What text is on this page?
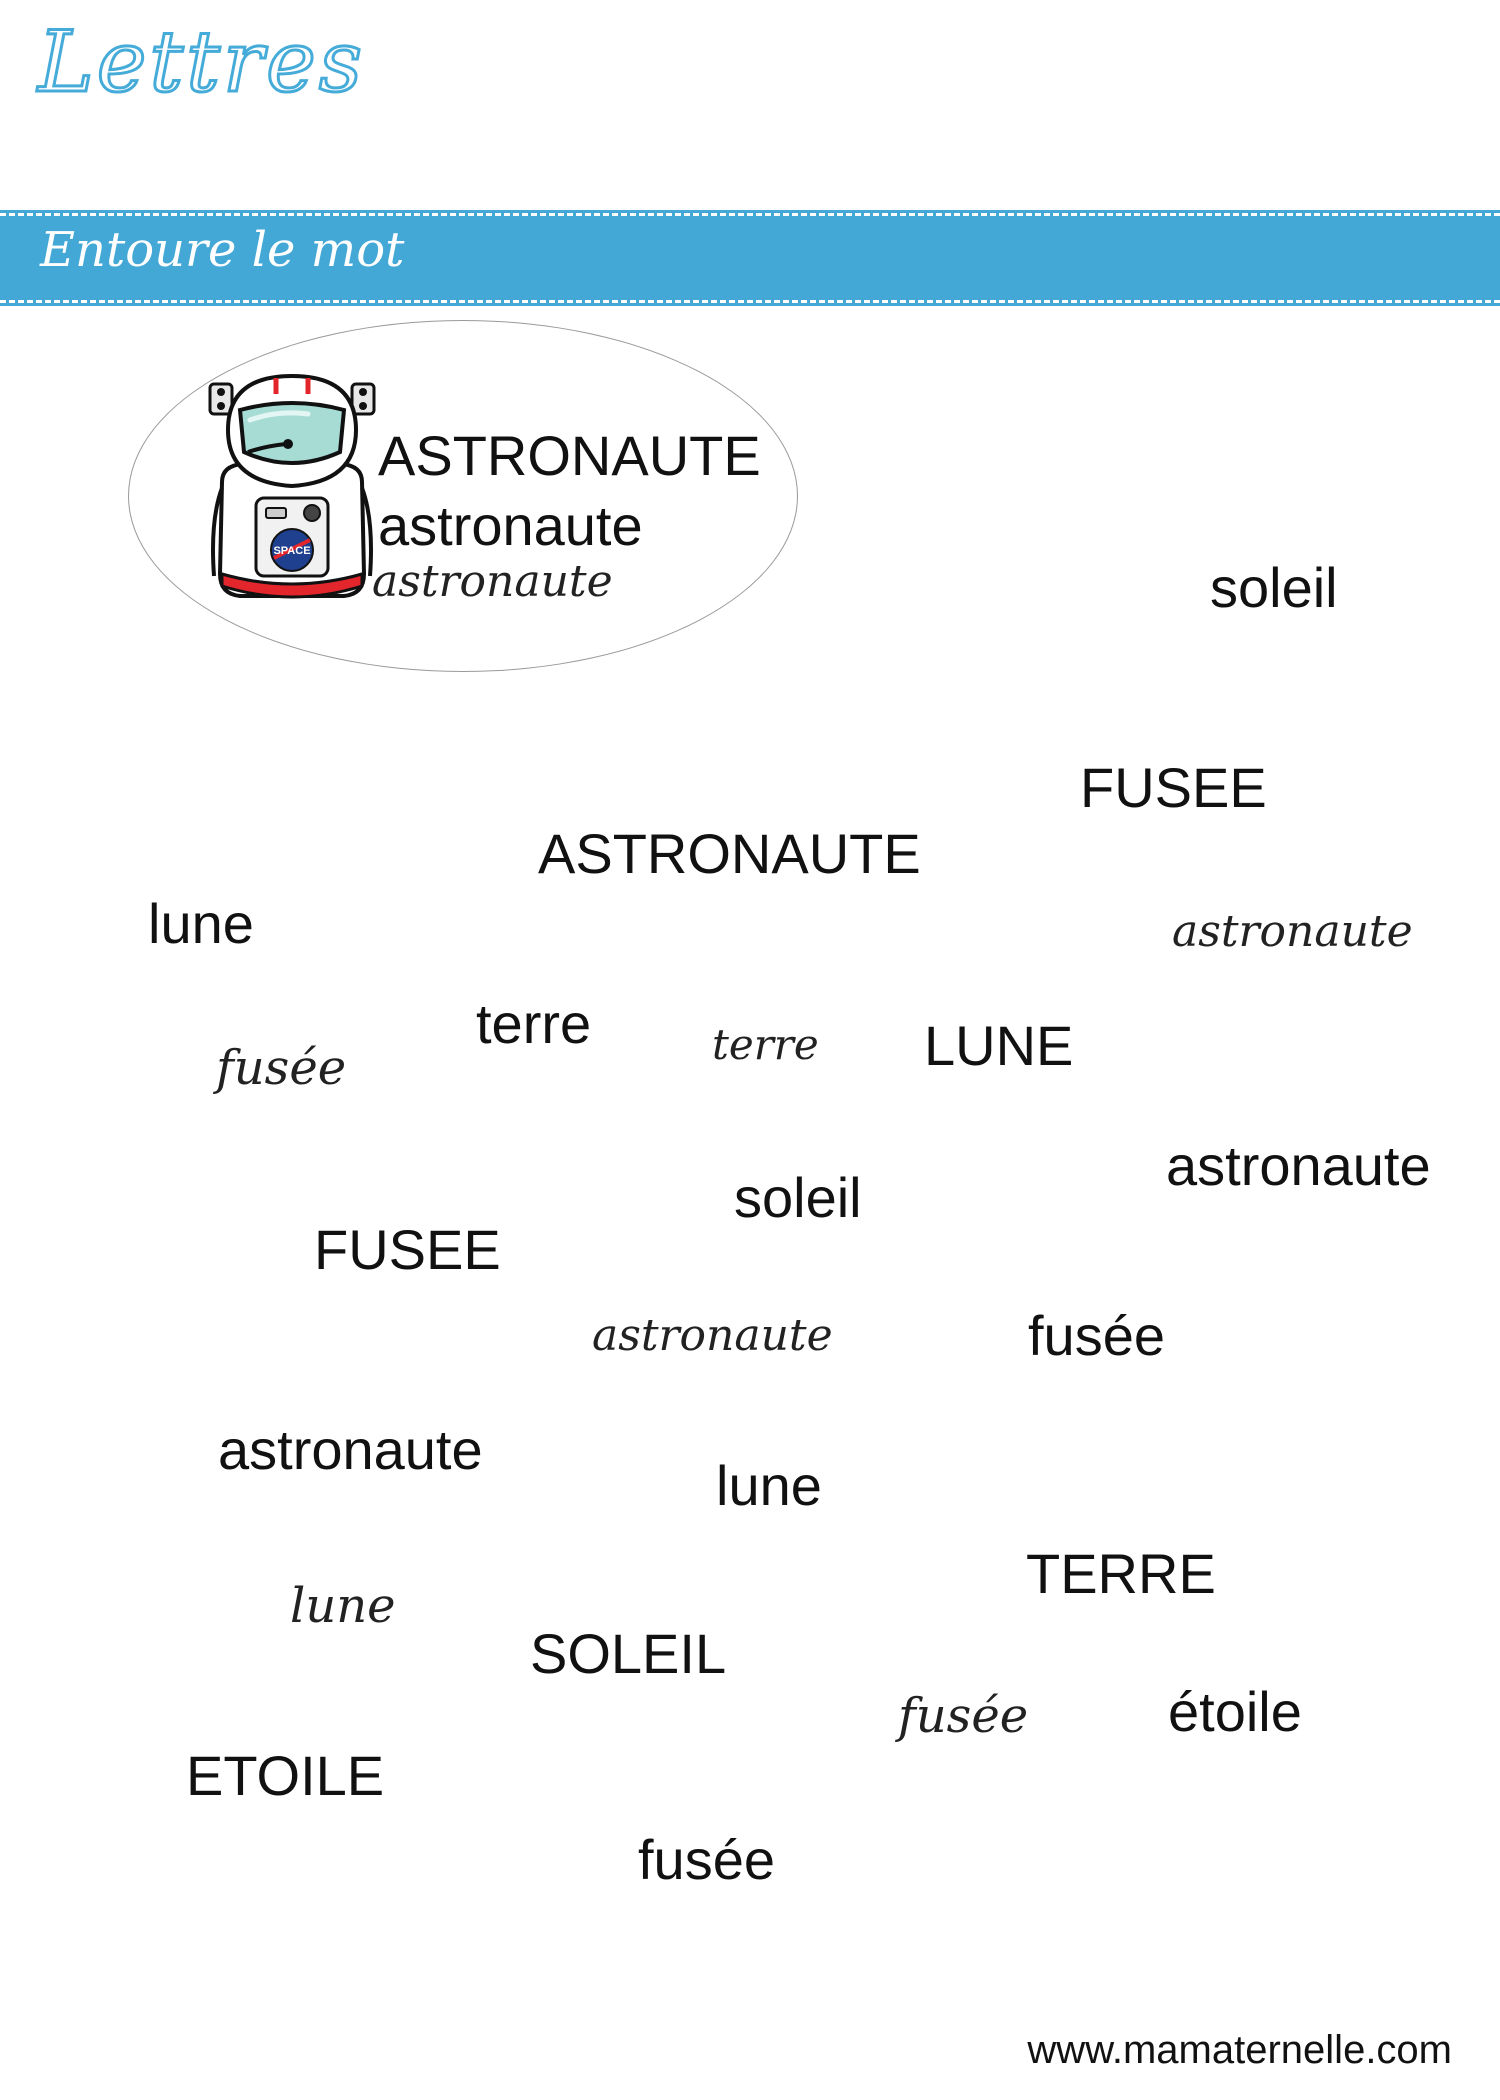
Lettres
Entoure le mot
SPACE
ASTRONAUTE
astronaute
astronaute	soleil
FUSEE
ASTRONAUTE
lune	astronaute
terre	terre LUNE
fusée
astronaute
soleil
FUSEE
astronaute	fusée
astronaute
lune
TERRE
lune
SOLEIL
fusée étoile
ETOILE
fusée
www.mamaternelle.com
